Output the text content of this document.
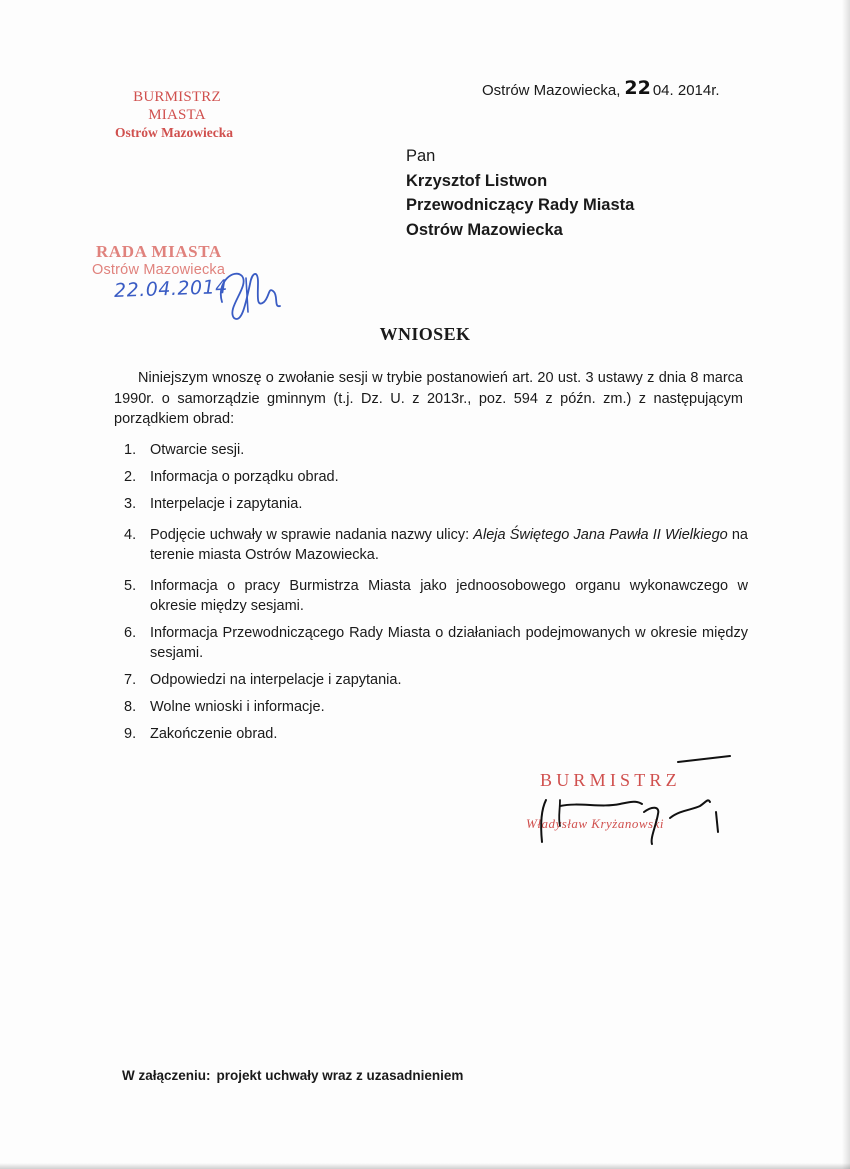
BURMISTRZ MIASTA
Ostrów Mazowiecka
Ostrów Mazowiecka, 22 04. 2014r.
Pan
Krzysztof Listwon
Przewodniczący Rady Miasta
Ostrów Mazowiecka
RADA MIASTA
Ostrów Mazowiecka
22.04.2014
WNIOSEK

Niniejszym wnoszę o zwołanie sesji w trybie postanowień art. 20 ust. 3 ustawy z dnia 8 marca 1990r. o samorządzie gminnym (t.j. Dz. U. z 2013r., poz. 594 z późn. zm.) z następującym porządkiem obrad:

1. Otwarcie sesji.
2. Informacja o porządku obrad.
3. Interpelacje i zapytania.
4. Podjęcie uchwały w sprawie nadania nazwy ulicy: Aleja Świętego Jana Pawła II Wielkiego na terenie miasta Ostrów Mazowiecka.
5. Informacja o pracy Burmistrza Miasta jako jednoosobowego organu wykonawczego w okresie między sesjami.
6. Informacja Przewodniczącego Rady Miasta o działaniach podejmowanych w okresie między sesjami.
7. Odpowiedzi na interpelacje i zapytania.
8. Wolne wnioski i informacje.
9. Zakończenie obrad.
BURMISTRZ
Władysław Kryżanowski
W załączeniu: projekt uchwały wraz z uzasadnieniem
